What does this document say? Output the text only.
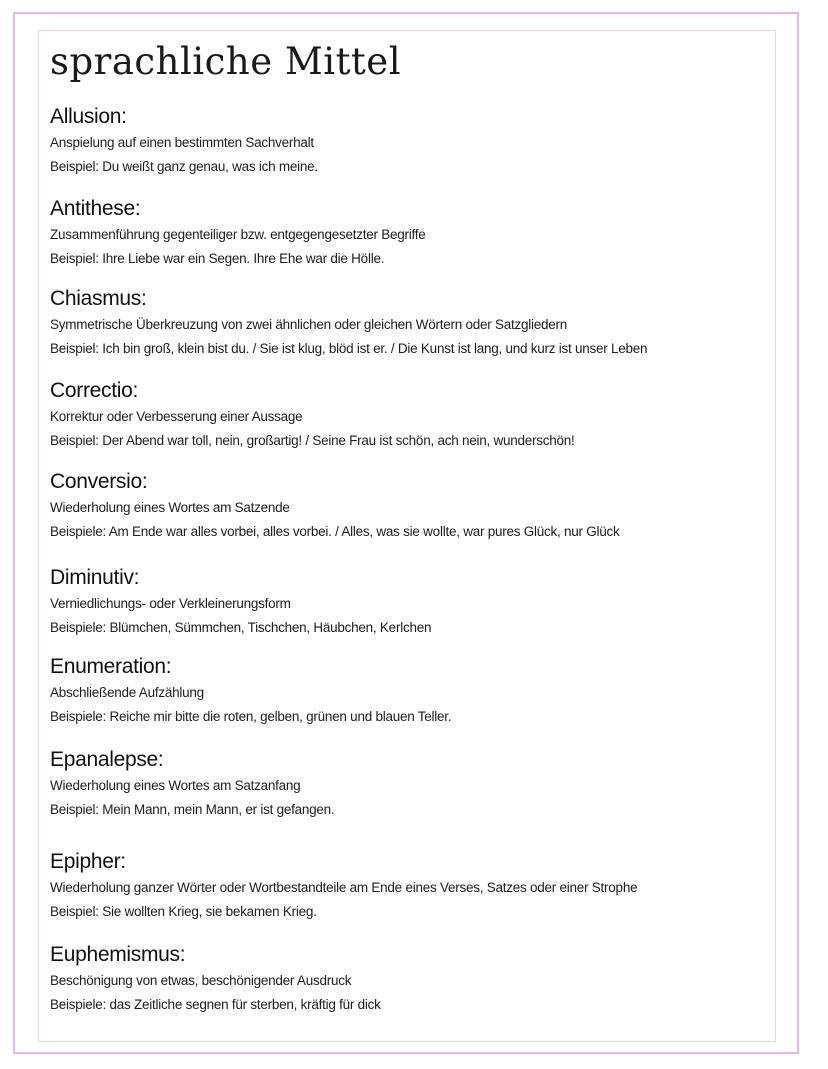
sprachliche Mittel
Allusion:
Anspielung auf einen bestimmten Sachverhalt
Beispiel: Du weißt ganz genau, was ich meine.
Antithese:
Zusammenführung gegenteiliger bzw. entgegengesetzter Begriffe
Beispiel: Ihre Liebe war ein Segen. Ihre Ehe war die Hölle.
Chiasmus:
Symmetrische Überkreuzung von zwei ähnlichen oder gleichen Wörtern oder Satzgliedern
Beispiel: Ich bin groß, klein bist du. / Sie ist klug, blöd ist er. / Die Kunst ist lang, und kurz ist unser Leben
Correctio:
Korrektur oder Verbesserung einer Aussage
Beispiel: Der Abend war toll, nein, großartig! / Seine Frau ist schön, ach nein, wunderschön!
Conversio:
Wiederholung eines Wortes am Satzende
Beispiele: Am Ende war alles vorbei, alles vorbei. / Alles, was sie wollte, war pures Glück, nur Glück
Diminutiv:
Verniedlichungs- oder Verkleinerungsform
Beispiele: Blümchen, Sümmchen, Tischchen, Häubchen, Kerlchen
Enumeration:
Abschließende Aufzählung
Beispiele: Reiche mir bitte die roten, gelben, grünen und blauen Teller.
Epanalepse:
Wiederholung eines Wortes am Satzanfang
Beispiel: Mein Mann, mein Mann, er ist gefangen.
Epipher:
Wiederholung ganzer Wörter oder Wortbestandteile am Ende eines Verses, Satzes oder einer Strophe
Beispiel: Sie wollten Krieg, sie bekamen Krieg.
Euphemismus:
Beschönigung von etwas, beschönigender Ausdruck
Beispiele: das Zeitliche segnen für sterben, kräftig für dick
